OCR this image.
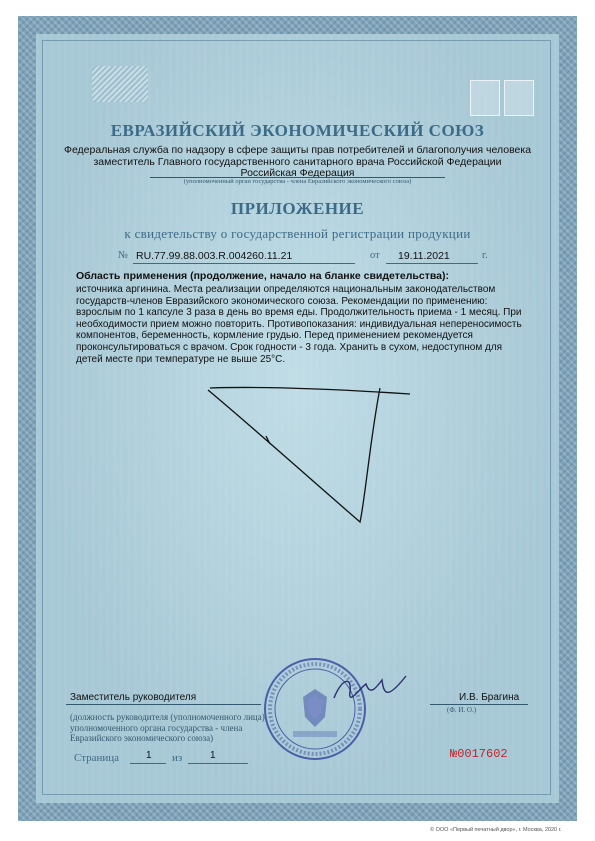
ЕВРАЗИЙСКИЙ ЭКОНОМИЧЕСКИЙ СОЮЗ
Федеральная служба по надзору в сфере защиты прав потребителей и благополучия человека
заместитель Главного государственного санитарного врача Российской Федерации
Российская Федерация
(уполномоченный орган государства - члена Евразийского экономического союза)
ПРИЛОЖЕНИЕ
к свидетельству о государственной регистрации продукции
№ RU.77.99.88.003.R.004260.11.21	от 19.11.2021	г.
Область применения (продолжение, начало на бланке свидетельства):
источника аргинина. Места реализации определяются национальным законодательством государств-членов Евразийского экономического союза. Рекомендации по применению: взрослым по 1 капсуле 3 раза в день во время еды. Продолжительность приема - 1 месяц. При необходимости прием можно повторить. Противопоказания: индивидуальная непереносимость компонентов, беременность, кормление грудью. Перед применением рекомендуется проконсультироваться с врачом. Срок годности - 3 года. Хранить в сухом, недоступном для детей месте при температуре не выше 25°С.
Заместитель руководителя	И.В. Брагина
(Ф. И. О.)
(должность руководителя (уполномоченного лица) уполномоченного органа государства - члена Евразийского экономического союза)
Страница	1 из	1	№0017602
© ООО «Первый печатный двор», г. Москва, 2020 г.
